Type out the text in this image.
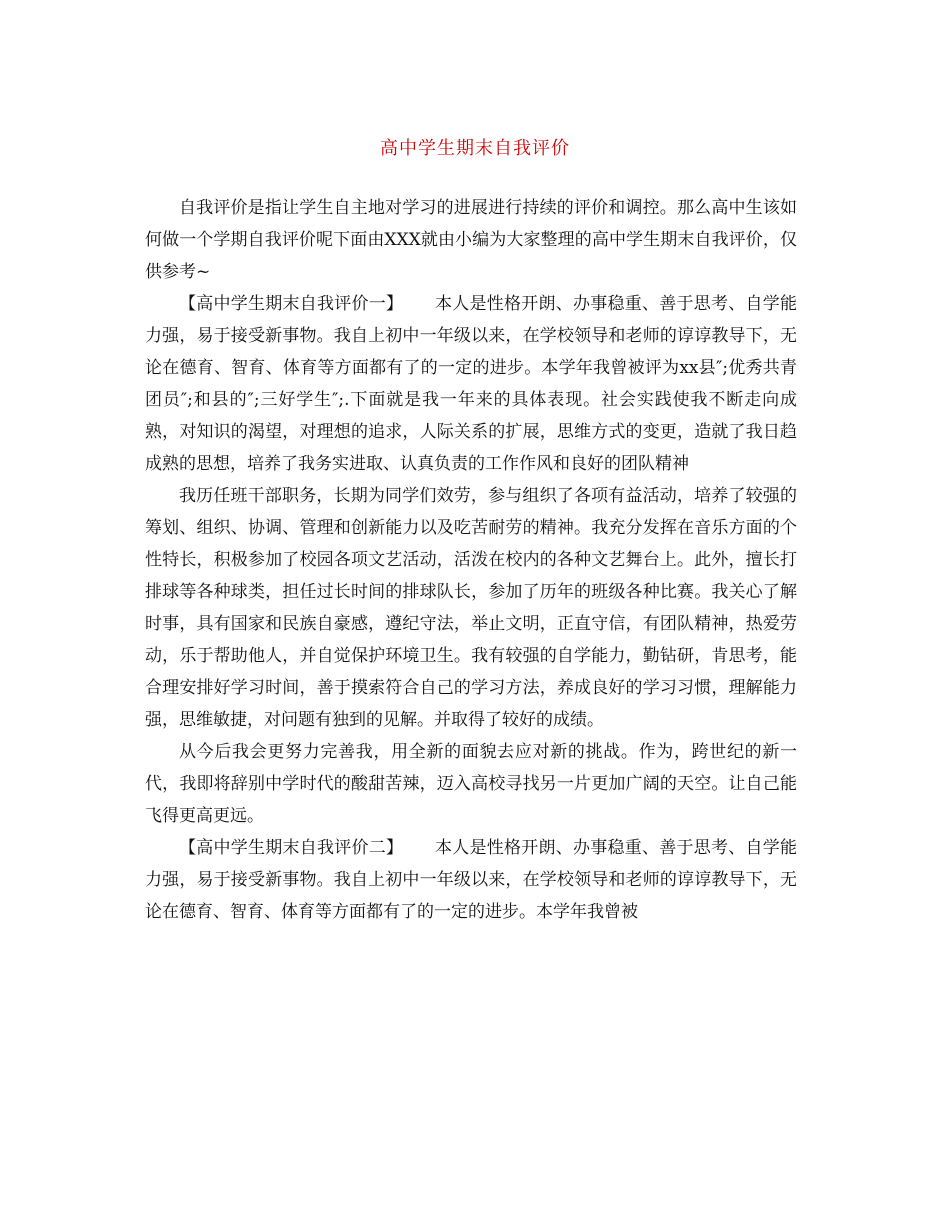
高中学生期末自我评价

自我评价是指让学生自主地对学习的进展进行持续的评价和调控。那么高中生该如何做一个学期自我评价呢下面由XXX就由小编为大家整理的高中学生期末自我评价，仅供参考~

【高中学生期末自我评价一】　　 本人是性格开朗、办事稳重、善于思考、自学能力强，易于接受新事物。我自上初中一年级以来，在学校领导和老师的谆谆教导下，无论在德育、智育、体育等方面都有了的一定的进步。本学年我曾被评为xx县″;优秀共青团员″;和县的″;三好学生″;.下面就是我一年来的具体表现。社会实践使我不断走向成熟，对知识的渴望，对理想的追求，人际关系的扩展，思维方式的变更，造就了我日趋成熟的思想，培养了我务实进取、认真负责的工作作风和良好的团队精神

我历任班干部职务，长期为同学们效劳，参与组织了各项有益活动，培养了较强的筹划、组织、协调、管理和创新能力以及吃苦耐劳的精神。我充分发挥在音乐方面的个性特长，积极参加了校园各项文艺活动，活泼在校内的各种文艺舞台上。此外，擅长打排球等各种球类，担任过长时间的排球队长，参加了历年的班级各种比赛。我关心了解时事，具有国家和民族自豪感，遵纪守法，举止文明，正直守信，有团队精神，热爱劳动，乐于帮助他人，并自觉保护环境卫生。我有较强的自学能力，勤钻研，肯思考，能合理安排好学习时间，善于摸索符合自己的学习方法，养成良好的学习习惯，理解能力强，思维敏捷，对问题有独到的见解。并取得了较好的成绩。

从今后我会更努力完善我，用全新的面貌去应对新的挑战。作为，跨世纪的新一代，我即将辞别中学时代的酸甜苦辣，迈入高校寻找另一片更加广阔的天空。让自己能飞得更高更远。

【高中学生期末自我评价二】　　 本人是性格开朗、办事稳重、善于思考、自学能力强，易于接受新事物。我自上初中一年级以来，在学校领导和老师的谆谆教导下，无论在德育、智育、体育等方面都有了的一定的进步。本学年我曾被
